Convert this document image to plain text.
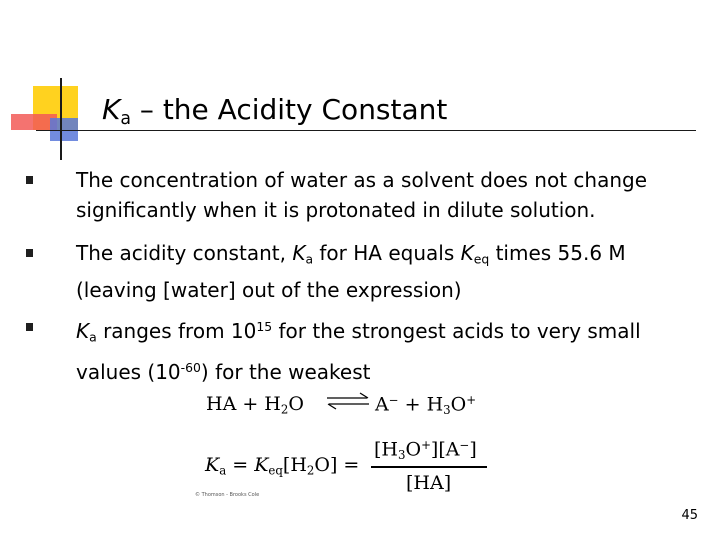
$K_a$ – the Acidity Constant

The concentration of water as a solvent does not change significantly when it is protonated in dilute solution.

The acidity constant, $K_a$ for HA equals $K_{eq}$ times 55.6 M (leaving [water] out of the expression)

$K_a$ ranges from $10^{15}$ for the strongest acids to very small values $(10^{-60})$ for the weakest

HA + $H_2O$ ⇌ $A^- + H_3O^+$
$K_a = K_{eq}[H_2O]$ =
$[H_3O^+][A^-]$
[HA]
© Thomson - Brooks Cole
45
